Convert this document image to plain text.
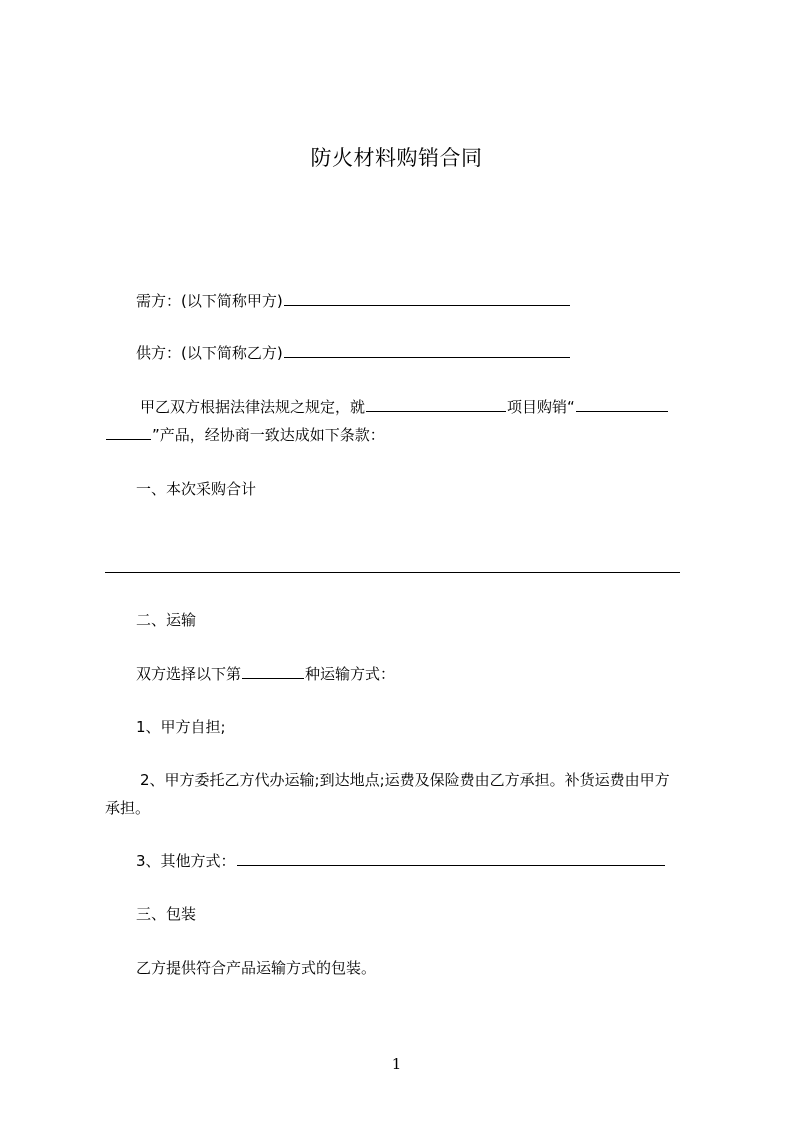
防火材料购销合同
需方：(以下简称甲方)
供方：(以下简称乙方)
甲乙双方根据法律法规之规定，就	项目购销“
”产品，经协商一致达成如下条款：
一、本次采购合计
二、运输
双方选择以下第	种运输方式：
1、甲方自担;
2、甲方委托乙方代办运输;到达地点;运费及保险费由乙方承担。补货运费由甲方
承担。
3、其他方式：
三、包装
乙方提供符合产品运输方式的包装。
1
